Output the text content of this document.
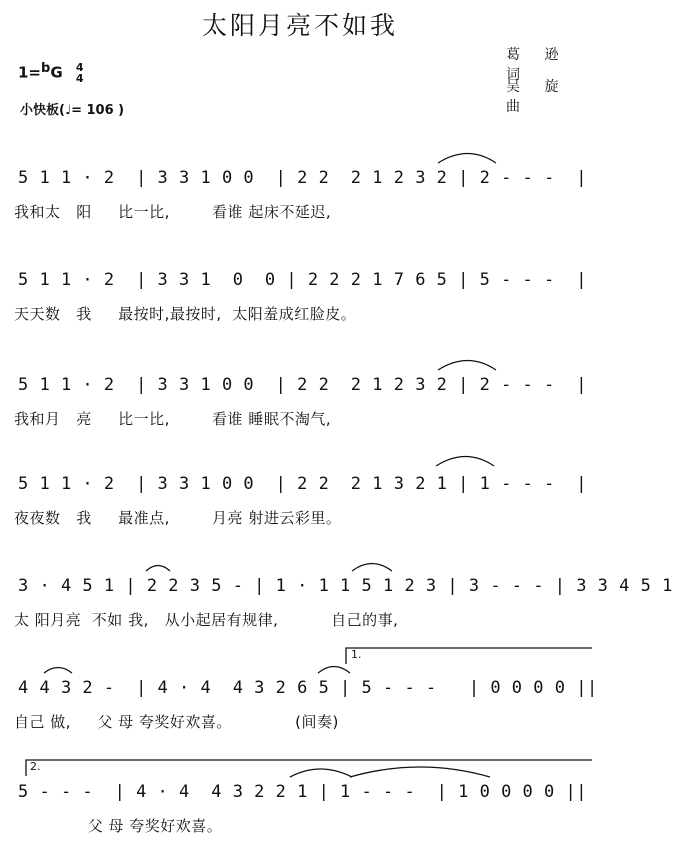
太阳月亮不如我
葛 逊 词
吴 旋 曲
1=bG 4
4
小快板(♩= 106 )
5 1 1 · 2  | 3 3 1 0 0  | 2 2  2 1 2 3 2 | 2 - - -  |
我和太   阳     比一比,        看谁 起床不延迟,
5 1 1 · 2  | 3 3 1  0  0 | 2 2 2 1 7 6 5 | 5 - - -  |
天天数   我     最按时,最按时,  太阳羞成红脸皮。
5 1 1 · 2  | 3 3 1 0 0  | 2 2  2 1 2 3 2 | 2 - - -  |
我和月   亮     比一比,        看谁 睡眠不淘气,
5 1 1 · 2  | 3 3 1 0 0  | 2 2  2 1 3 2 1 | 1 - - -  |
夜夜数   我     最准点,        月亮 射进云彩里。
3 · 4 5 1 | 2 2 3 5 - | 1 · 1 1 5 1 2 3 | 3 - - - | 3 3 4 5 1
太 阳月亮  不如 我,   从小起居有规律,          自己的事,
4 4 3 2 -  | 4 · 4  4 3 2 6 5 | 5 - - -   | 0 0 0 0 ||
自己 做,     父 母 夸奖好欢喜。            (间奏)
5 - - -  | 4 · 4  4 3 2 2 1 | 1 - - -  | 1 0 0 0 0 ||
父 母 夸奖好欢喜。
1.
2.
